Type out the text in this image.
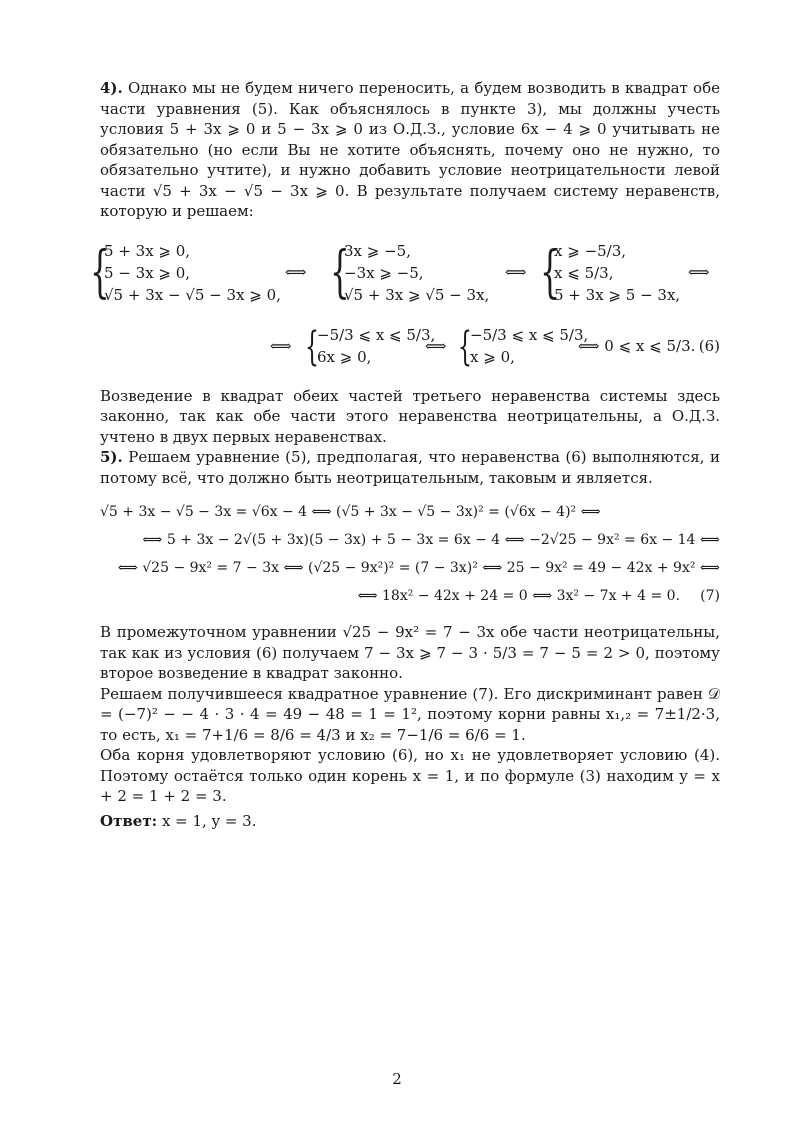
4). Однако мы не будем ничего переносить, а будем возводить в квадрат обе части уравнения (5). Как объяснялось в пункте 3), мы должны учесть условия 5 + 3x ⩾ 0 и 5 − 3x ⩾ 0 из О.Д.З., условие 6x − 4 ⩾ 0 учитывать не обязательно (но если Вы не хотите объяснять, почему оно не нужно, то обязательно учтите), и нужно добавить условие неотрицательности левой части √5 + 3x − √5 − 3x ⩾ 0. В результате получаем систему неравенств, которую и решаем:

{
5 + 3x ⩾ 0,
5 − 3x ⩾ 0,
√5 + 3x − √5 − 3x ⩾ 0,
⟺ {
3x ⩾ −5,
−3x ⩾ −5,
√5 + 3x ⩾ √5 − 3x,
⟺ {
x ⩾ −5/3,
x ⩽ 5/3,
5 + 3x ⩾ 5 − 3x,
⟺
⟺ {
−5/3 ⩽ x ⩽ 5/3,
6x ⩾ 0,
⟺ {
−5/3 ⩽ x ⩽ 5/3,
x ⩾ 0,
⟺ 0 ⩽ x ⩽ 5/3. (6)

Возведение в квадрат обеих частей третьего неравенства системы здесь законно, так как обе части этого неравенства неотрицательны, а О.Д.З. учтено в двух первых неравенствах.

5). Решаем уравнение (5), предполагая, что неравенства (6) выполняются, и потому всё, что должно быть неотрицательным, таковым и является.

√5 + 3x − √5 − 3x = √6x − 4 ⟺ (√5 + 3x − √5 − 3x)² = (√6x − 4)² ⟺
⟺ 5 + 3x − 2√(5 + 3x)(5 − 3x) + 5 − 3x = 6x − 4 ⟺ −2√25 − 9x² = 6x − 14 ⟺
⟺ √25 − 9x² = 7 − 3x ⟺ (√25 − 9x²)² = (7 − 3x)² ⟺ 25 − 9x² = 49 − 42x + 9x² ⟺
⟺ 18x² − 42x + 24 = 0 ⟺ 3x² − 7x + 4 = 0. (7)

В промежуточном уравнении √25 − 9x² = 7 − 3x обе части неотрицательны, так как из условия (6) получаем 7 − 3x ⩾ 7 − 3 · 5/3 = 7 − 5 = 2 > 0, поэтому второе возведение в квадрат законно.

Решаем получившееся квадратное уравнение (7). Его дискриминант равен 𝒟 = (−7)² − − 4 · 3 · 4 = 49 − 48 = 1 = 1², поэтому корни равны x₁,₂ = 7±1/2·3, то есть, x₁ = 7+1/6 = 8/6 = 4/3 и x₂ = 7−1/6 = 6/6 = 1.

Оба корня удовлетворяют условию (6), но x₁ не удовлетворяет условию (4). Поэтому остаётся только один корень x = 1, и по формуле (3) находим y = x + 2 = 1 + 2 = 3.

Ответ: x = 1, y = 3.

2
